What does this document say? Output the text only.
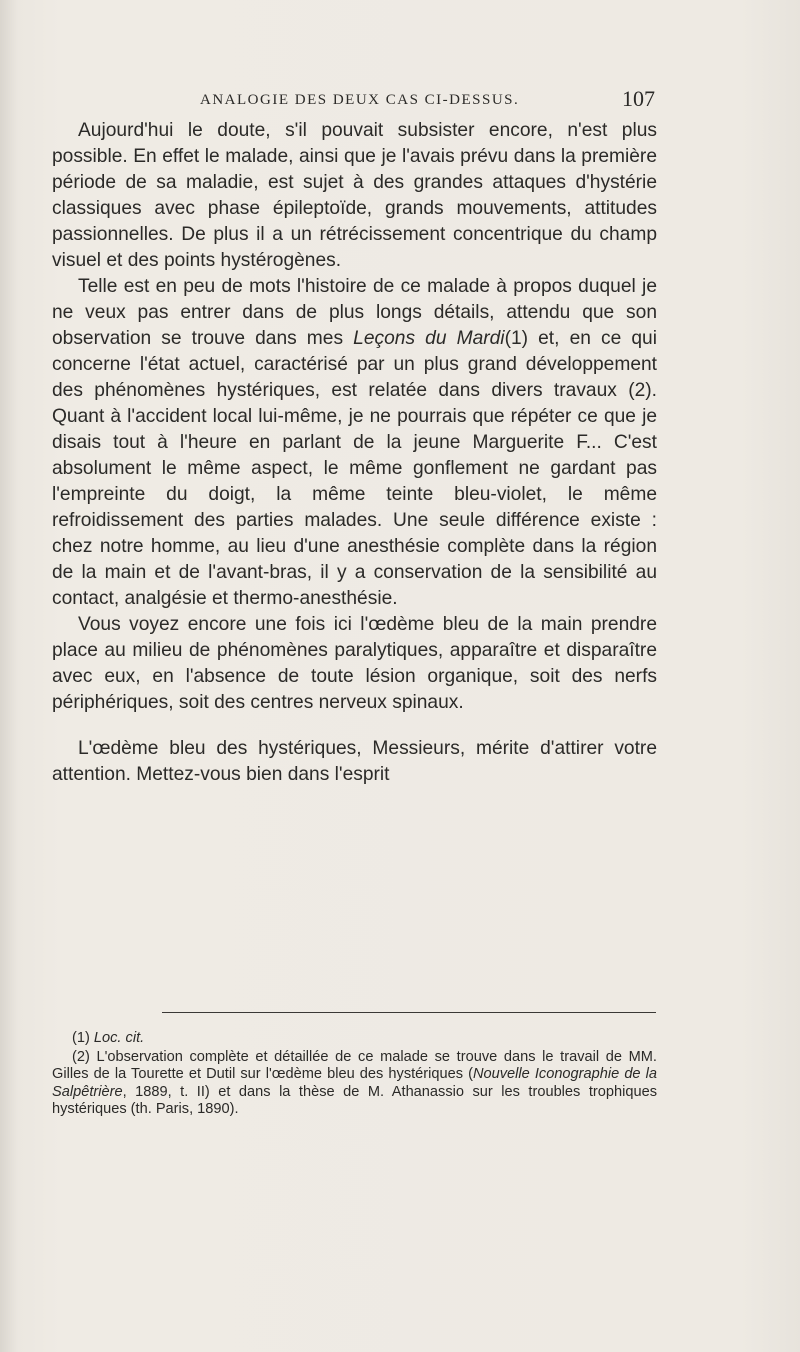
ANALOGIE DES DEUX CAS CI-DESSUS.	107

Aujourd'hui le doute, s'il pouvait subsister encore, n'est plus possible. En effet le malade, ainsi que je l'avais prévu dans la première période de sa maladie, est sujet à des grandes attaques d'hystérie classiques avec phase épileptoïde, grands mouvements, attitudes passionnelles. De plus il a un rétrécissement concentrique du champ visuel et des points hystérogènes.

Telle est en peu de mots l'histoire de ce malade à propos duquel je ne veux pas entrer dans de plus longs détails, attendu que son observation se trouve dans mes Leçons du Mardi(1) et, en ce qui concerne l'état actuel, caractérisé par un plus grand développement des phénomènes hystériques, est relatée dans divers travaux (2). Quant à l'accident local lui-même, je ne pourrais que répéter ce que je disais tout à l'heure en parlant de la jeune Marguerite F... C'est absolument le même aspect, le même gonflement ne gardant pas l'empreinte du doigt, la même teinte bleu-violet, le même refroidissement des parties malades. Une seule différence existe : chez notre homme, au lieu d'une anesthésie complète dans la région de la main et de l'avant-bras, il y a conservation de la sensibilité au contact, analgésie et thermo-anesthésie.

Vous voyez encore une fois ici l'œdème bleu de la main prendre place au milieu de phénomènes paralytiques, apparaître et disparaître avec eux, en l'absence de toute lésion organique, soit des nerfs périphériques, soit des centres nerveux spinaux.

L'œdème bleu des hystériques, Messieurs, mérite d'attirer votre attention. Mettez-vous bien dans l'esprit

(1) Loc. cit.

(2) L'observation complète et détaillée de ce malade se trouve dans le travail de MM. Gilles de la Tourette et Dutil sur l'œdème bleu des hystériques (Nouvelle Iconographie de la Salpêtrière, 1889, t. II) et dans la thèse de M. Athanassio sur les troubles trophiques hystériques (th. Paris, 1890).
